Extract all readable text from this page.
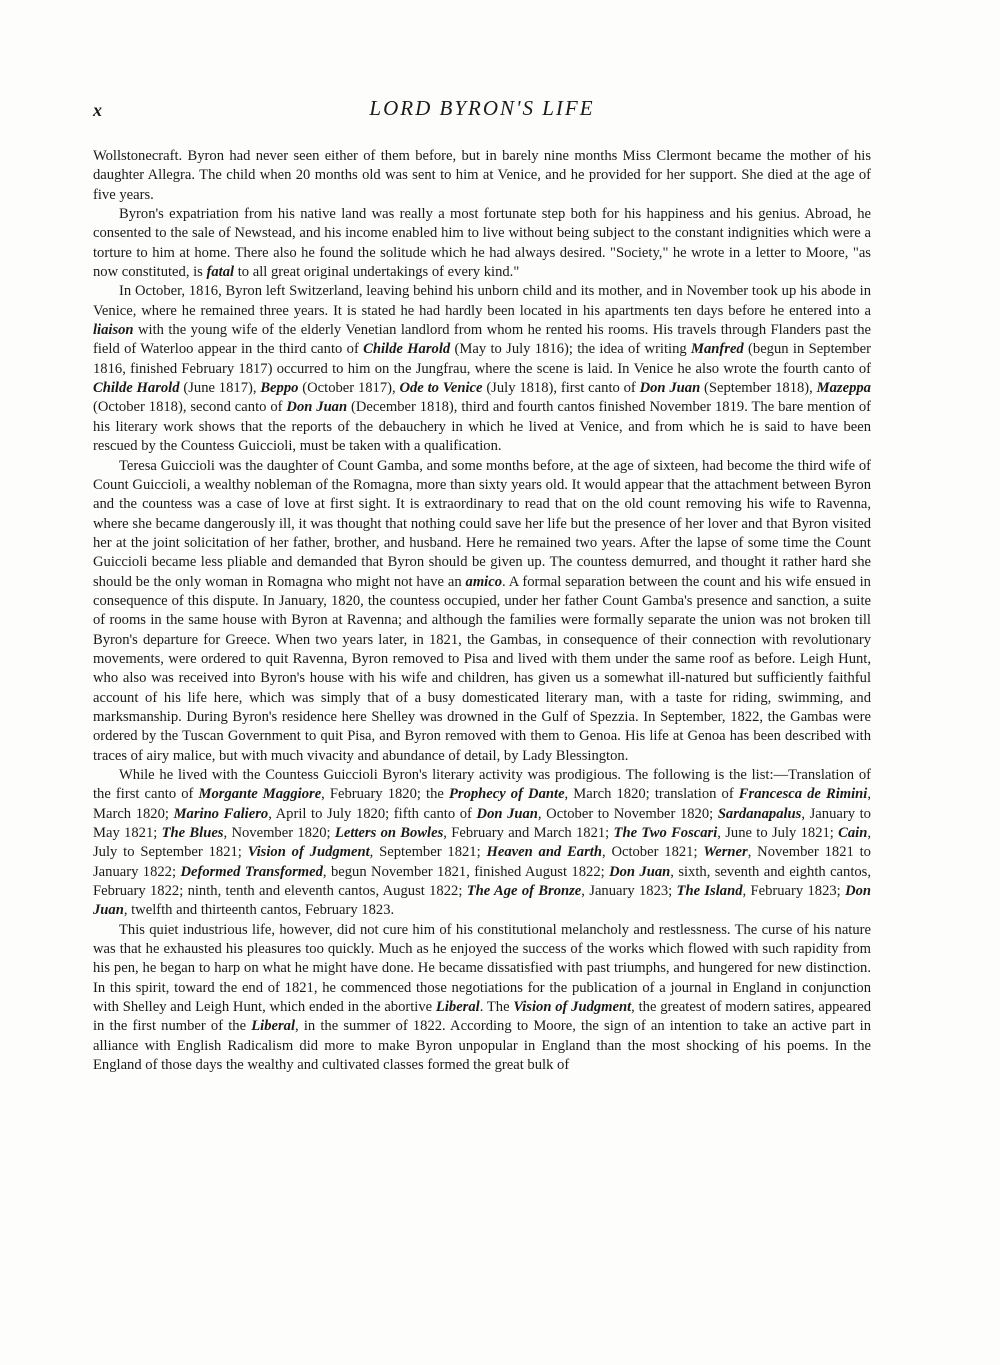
x	LORD BYRON'S LIFE

Wollstonecraft. Byron had never seen either of them before, but in barely nine months Miss Clermont became the mother of his daughter Allegra. The child when 20 months old was sent to him at Venice, and he provided for her support. She died at the age of five years.

Byron's expatriation from his native land was really a most fortunate step both for his happiness and his genius. Abroad, he consented to the sale of Newstead, and his income enabled him to live without being subject to the constant indignities which were a torture to him at home. There also he found the solitude which he had always desired. "Society," he wrote in a letter to Moore, "as now constituted, is fatal to all great original undertakings of every kind."

In October, 1816, Byron left Switzerland, leaving behind his unborn child and its mother, and in November took up his abode in Venice, where he remained three years. It is stated he had hardly been located in his apartments ten days before he entered into a liaison with the young wife of the elderly Venetian landlord from whom he rented his rooms. His travels through Flanders past the field of Waterloo appear in the third canto of Childe Harold (May to July 1816); the idea of writing Manfred (begun in September 1816, finished February 1817) occurred to him on the Jungfrau, where the scene is laid. In Venice he also wrote the fourth canto of Childe Harold (June 1817), Beppo (October 1817), Ode to Venice (July 1818), first canto of Don Juan (September 1818), Mazeppa (October 1818), second canto of Don Juan (December 1818), third and fourth cantos finished November 1819. The bare mention of his literary work shows that the reports of the debauchery in which he lived at Venice, and from which he is said to have been rescued by the Countess Guiccioli, must be taken with a qualification.

Teresa Guiccioli was the daughter of Count Gamba, and some months before, at the age of sixteen, had become the third wife of Count Guiccioli, a wealthy nobleman of the Romagna, more than sixty years old. It would appear that the attachment between Byron and the countess was a case of love at first sight. It is extraordinary to read that on the old count removing his wife to Ravenna, where she became dangerously ill, it was thought that nothing could save her life but the presence of her lover and that Byron visited her at the joint solicitation of her father, brother, and husband. Here he remained two years. After the lapse of some time the Count Guiccioli became less pliable and demanded that Byron should be given up. The countess demurred, and thought it rather hard she should be the only woman in Romagna who might not have an amico. A formal separation between the count and his wife ensued in consequence of this dispute. In January, 1820, the countess occupied, under her father Count Gamba's presence and sanction, a suite of rooms in the same house with Byron at Ravenna; and although the families were formally separate the union was not broken till Byron's departure for Greece. When two years later, in 1821, the Gambas, in consequence of their connection with revolutionary movements, were ordered to quit Ravenna, Byron removed to Pisa and lived with them under the same roof as before. Leigh Hunt, who also was received into Byron's house with his wife and children, has given us a somewhat ill-natured but sufficiently faithful account of his life here, which was simply that of a busy domesticated literary man, with a taste for riding, swimming, and marksmanship. During Byron's residence here Shelley was drowned in the Gulf of Spezzia. In September, 1822, the Gambas were ordered by the Tuscan Government to quit Pisa, and Byron removed with them to Genoa. His life at Genoa has been described with traces of airy malice, but with much vivacity and abundance of detail, by Lady Blessington.

While he lived with the Countess Guiccioli Byron's literary activity was prodigious. The following is the list:—Translation of the first canto of Morgante Maggiore, February 1820; the Prophecy of Dante, March 1820; translation of Francesca de Rimini, March 1820; Marino Faliero, April to July 1820; fifth canto of Don Juan, October to November 1820; Sardanapalus, January to May 1821; The Blues, November 1820; Letters on Bowles, February and March 1821; The Two Foscari, June to July 1821; Cain, July to September 1821; Vision of Judgment, September 1821; Heaven and Earth, October 1821; Werner, November 1821 to January 1822; Deformed Transformed, begun November 1821, finished August 1822; Don Juan, sixth, seventh and eighth cantos, February 1822; ninth, tenth and eleventh cantos, August 1822; The Age of Bronze, January 1823; The Island, February 1823; Don Juan, twelfth and thirteenth cantos, February 1823.

This quiet industrious life, however, did not cure him of his constitutional melancholy and restlessness. The curse of his nature was that he exhausted his pleasures too quickly. Much as he enjoyed the success of the works which flowed with such rapidity from his pen, he began to harp on what he might have done. He became dissatisfied with past triumphs, and hungered for new distinction. In this spirit, toward the end of 1821, he commenced those negotiations for the publication of a journal in England in conjunction with Shelley and Leigh Hunt, which ended in the abortive Liberal. The Vision of Judgment, the greatest of modern satires, appeared in the first number of the Liberal, in the summer of 1822. According to Moore, the sign of an intention to take an active part in alliance with English Radicalism did more to make Byron unpopular in England than the most shocking of his poems. In the England of those days the wealthy and cultivated classes formed the great bulk of
